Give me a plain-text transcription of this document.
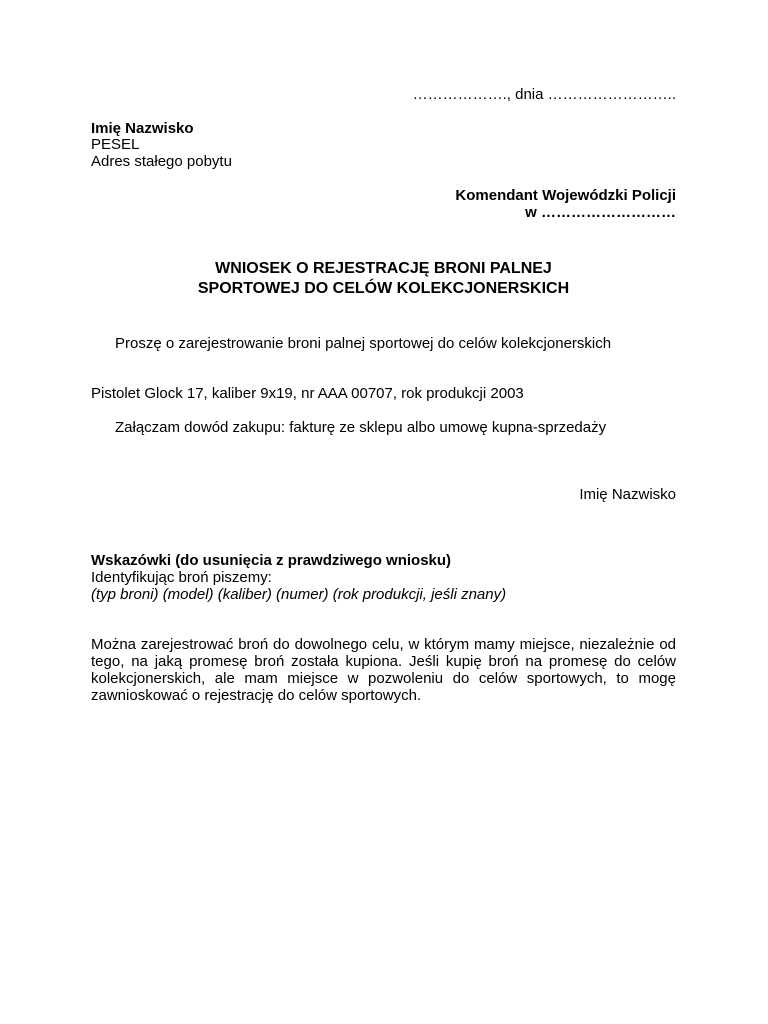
………………., dnia ……………………..
Imię Nazwisko
PESEL
Adres stałego pobytu
Komendant Wojewódzki Policji
w ………………………
WNIOSEK O REJESTRACJĘ BRONI PALNEJ
SPORTOWEJ DO CELÓW KOLEKCJONERSKICH
Proszę o zarejestrowanie broni palnej sportowej do celów kolekcjonerskich
Pistolet Glock 17, kaliber 9x19, nr AAA 00707, rok produkcji 2003
Załączam dowód zakupu: fakturę ze sklepu albo umowę kupna-sprzedaży
Imię Nazwisko
Wskazówki (do usunięcia z prawdziwego wniosku)
Identyfikując broń piszemy:
(typ broni) (model) (kaliber) (numer) (rok produkcji, jeśli znany)
Można zarejestrować broń do dowolnego celu, w którym mamy miejsce, niezależnie od tego, na jaką promesę broń została kupiona. Jeśli kupię broń na promesę do celów kolekcjonerskich, ale mam miejsce w pozwoleniu do celów sportowych, to mogę zawnioskować o rejestrację do celów sportowych.
